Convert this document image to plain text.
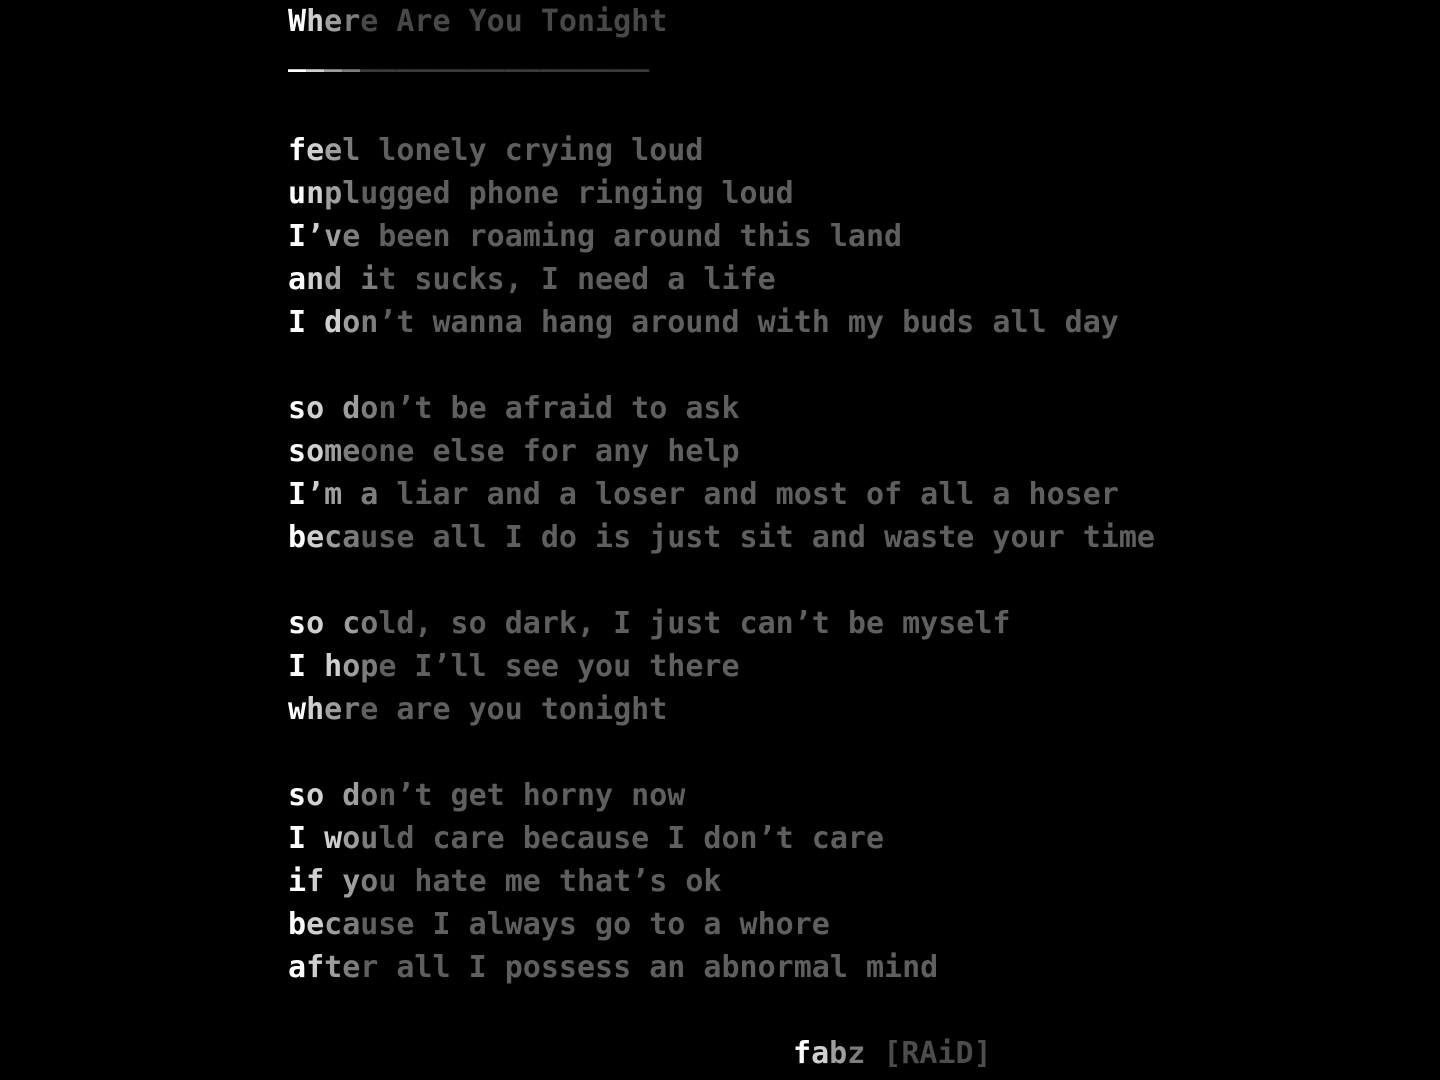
Where Are You Tonight
____________________
feel lonely crying loud
unplugged phone ringing loud
I’ve been roaming around this land
and it sucks, I need a life
I don’t wanna hang around with my buds all day
so don’t be afraid to ask
someone else for any help
I’m a liar and a loser and most of all a hoser
because all I do is just sit and waste your time
so cold, so dark, I just can’t be myself
I hope I’ll see you there
where are you tonight
so don’t get horny now
I would care because I don’t care
if you hate me that’s ok
because I always go to a whore
after all I possess an abnormal mind
fabz [RAiD]
